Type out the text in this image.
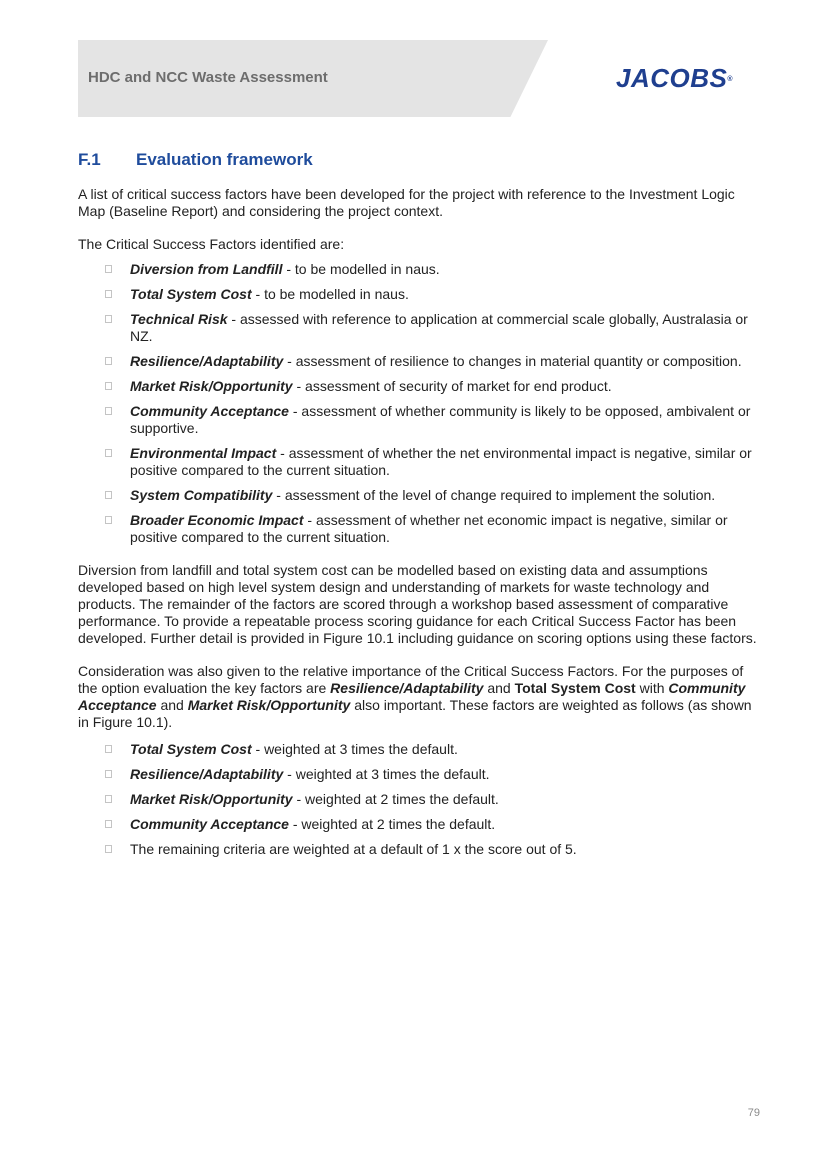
HDC and NCC Waste Assessment	JACOBS®
F.1 Evaluation framework

A list of critical success factors have been developed for the project with reference to the Investment Logic Map (Baseline Report) and considering the project context.

The Critical Success Factors identified are:

Diversion from Landfill - to be modelled in naus.
Total System Cost - to be modelled in naus.
Technical Risk - assessed with reference to application at commercial scale globally, Australasia or NZ.
Resilience/Adaptability - assessment of resilience to changes in material quantity or composition.
Market Risk/Opportunity - assessment of security of market for end product.
Community Acceptance - assessment of whether community is likely to be opposed, ambivalent or supportive.
Environmental Impact - assessment of whether the net environmental impact is negative, similar or positive compared to the current situation.
System Compatibility - assessment of the level of change required to implement the solution.
Broader Economic Impact - assessment of whether net economic impact is negative, similar or positive compared to the current situation.

Diversion from landfill and total system cost can be modelled based on existing data and assumptions developed based on high level system design and understanding of markets for waste technology and products. The remainder of the factors are scored through a workshop based assessment of comparative performance. To provide a repeatable process scoring guidance for each Critical Success Factor has been developed. Further detail is provided in Figure 10.1 including guidance on scoring options using these factors.

Consideration was also given to the relative importance of the Critical Success Factors. For the purposes of the option evaluation the key factors are Resilience/Adaptability and Total System Cost with Community Acceptance and Market Risk/Opportunity also important. These factors are weighted as follows (as shown in Figure 10.1).

Total System Cost - weighted at 3 times the default.
Resilience/Adaptability - weighted at 3 times the default.
Market Risk/Opportunity - weighted at 2 times the default.
Community Acceptance - weighted at 2 times the default.
The remaining criteria are weighted at a default of 1 x the score out of 5.
79
